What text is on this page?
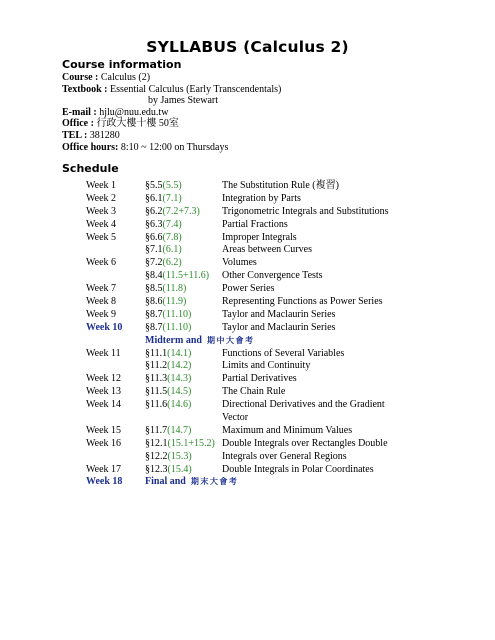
SYLLABUS (Calculus 2)
Course information
Course : Calculus (2)
Textbook : Essential Calculus (Early Transcendentals)
by James Stewart
E-mail : hjlu@nuu.edu.tw
Office : 行政大樓十樓 50室
TEL : 381280
Office hours: 8:10 ~ 12:00 on Thursdays
Schedule
Week 1	§5.5(5.5)	The Substitution Rule (複習)
Week 2	§6.1(7.1)	Integration by Parts
Week 3	§6.2(7.2+7.3)	Trigonometric Integrals and Substitutions
Week 4	§6.3(7.4)	Partial Fractions
Week 5	§6.6(7.8)	Improper Integrals
	§7.1(6.1)	Areas between Curves
Week 6	§7.2(6.2)	Volumes
	§8.4(11.5+11.6)	Other Convergence Tests
Week 7	§8.5(11.8)	Power Series
Week 8	§8.6(11.9)	Representing Functions as Power Series
Week 9	§8.7(11.10)	Taylor and Maclaurin Series
Week 10	§8.7(11.10)	Taylor and Maclaurin Series
	Midterm and 期中大會考	
Week 11	§11.1(14.1)	Functions of Several Variables
	§11.2(14.2)	Limits and Continuity
Week 12	§11.3(14.3)	Partial Derivatives
Week 13	§11.5(14.5)	The Chain Rule
Week 14	§11.6(14.6)	Directional Derivatives and the Gradient
		Vector
Week 15	§11.7(14.7)	Maximum and Minimum Values
Week 16	§12.1(15.1+15.2)	Double Integrals over Rectangles Double
	§12.2(15.3)	Integrals over General Regions
Week 17	§12.3(15.4)	Double Integrals in Polar Coordinates
Week 18	Final and 期末大會考	
